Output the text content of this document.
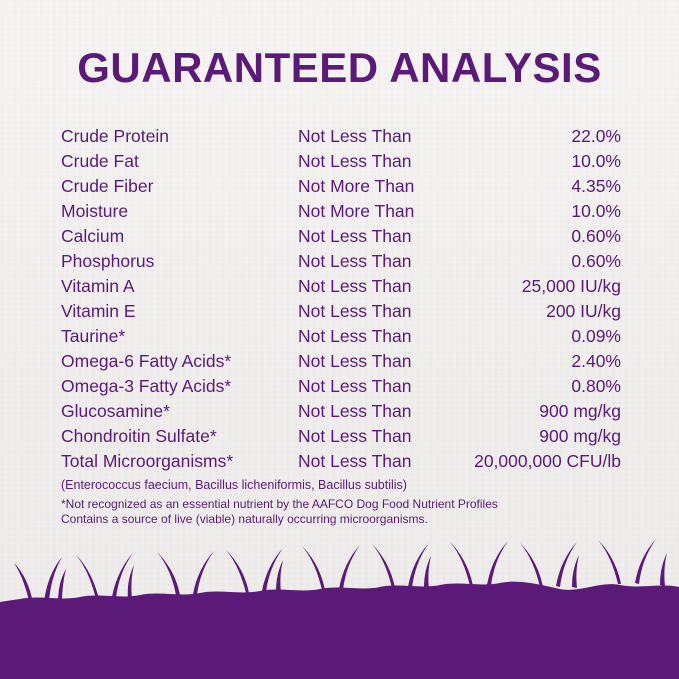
GUARANTEED ANALYSIS
Crude Protein	Not Less Than	22.0%
Crude Fat	Not Less Than	10.0%
Crude Fiber	Not More Than	4.35%
Moisture	Not More Than	10.0%
Calcium	Not Less Than	0.60%
Phosphorus	Not Less Than	0.60%
Vitamin A	Not Less Than	25,000 IU/kg
Vitamin E	Not Less Than	200 IU/kg
Taurine*	Not Less Than	0.09%
Omega-6 Fatty Acids*	Not Less Than	2.40%
Omega-3 Fatty Acids*	Not Less Than	0.80%
Glucosamine*	Not Less Than	900 mg/kg
Chondroitin Sulfate*	Not Less Than	900 mg/kg
Total Microorganisms*	Not Less Than	20,000,000 CFU/lb
(Enterococcus faecium, Bacillus licheniformis, Bacillus subtilis)
*Not recognized as an essential nutrient by the AAFCO Dog Food Nutrient Profiles
Contains a source of live (viable) naturally occurring microorganisms.
